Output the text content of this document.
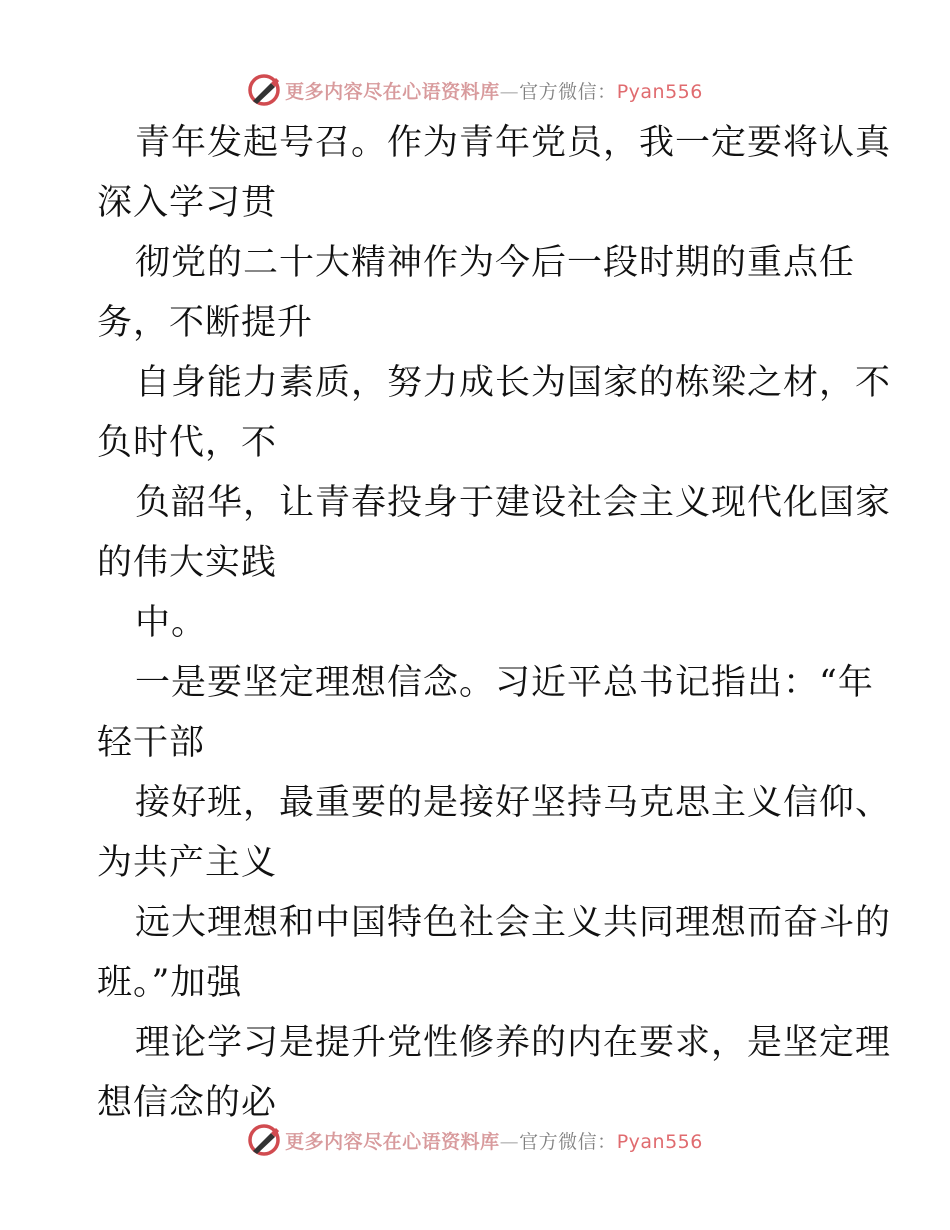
更多内容尽在心语资料库—官方微信：Pyan556
青年发起号召。作为青年党员，我一定要将认真
深入学习贯
彻党的二十大精神作为今后一段时期的重点任
务，不断提升
自身能力素质，努力成长为国家的栋梁之材，不
负时代，不
负韶华，让青春投身于建设社会主义现代化国家
的伟大实践
中。
一是要坚定理想信念。习近平总书记指出：“年
轻干部
接好班，最重要的是接好坚持马克思主义信仰、
为共产主义
远大理想和中国特色社会主义共同理想而奋斗的
班。”加强
理论学习是提升党性修养的内在要求，是坚定理
想信念的必
更多内容尽在心语资料库—官方微信：Pyan556
